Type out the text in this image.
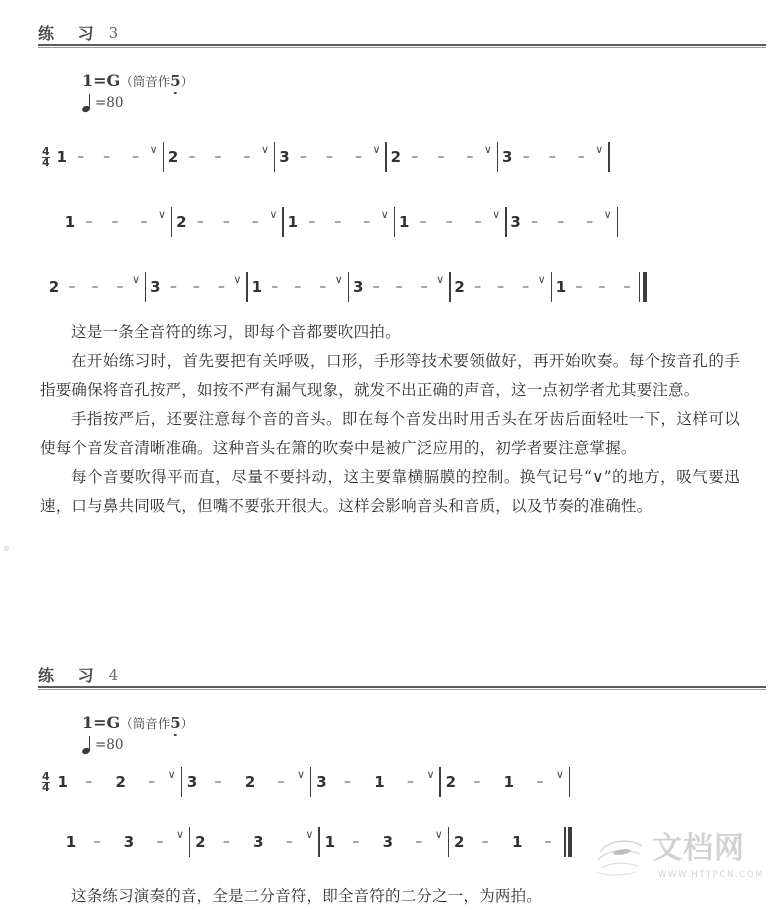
练 习 3
1=G（筒音作5）
=80
$\frac{4}{4} 1$ –	–	– ∨ 2 –	–	– ∨ 3 –	–	– ∨ 2 –	–	– ∨ 3 –	–	– ∨
1 –	–	– ∨ 2 –	–	– ∨ 1 –	–	– ∨ 1 –	–	– ∨ 3 –	–	– ∨
2 –	–	– ∨ 3 –	–	– ∨ 1 –	–	– ∨ 3 –	–	– ∨ 2 –	–	– ∨ 1 –	–	–

这是一条全音符的练习，即每个音都要吹四拍。

在开始练习时，首先要把有关呼吸，口形，手形等技术要领做好，再开始吹奏。每个按音孔的手指要确保将音孔按严，如按不严有漏气现象，就发不出正确的声音，这一点初学者尤其要注意。

手指按严后，还要注意每个音的音头。即在每个音发出时用舌头在牙齿后面轻吐一下，这样可以使每个音发音清晰准确。这种音头在箫的吹奏中是被广泛应用的，初学者要注意掌握。

每个音要吹得平而直，尽量不要抖动，这主要靠横膈膜的控制。换气记号“∨”的地方，吸气要迅速，口与鼻共同吸气，但嘴不要张开很大。这样会影响音头和音质，以及节奏的准确性。

练 习 4
1=G（筒音作5）
=80
$\frac{4}{4} 1$	–	2	–	∨ 3	–	2	–	∨ 3	–	1	–	∨ 2	–	1	–	∨
1	–	3	–	∨ 2	–	3	–	∨ 1	–	3	–	∨ 2	–	1	–	文档网
WWW.HTTPCN.COM

这条练习演奏的音，全是二分音符，即全音符的二分之一，为两拍。
